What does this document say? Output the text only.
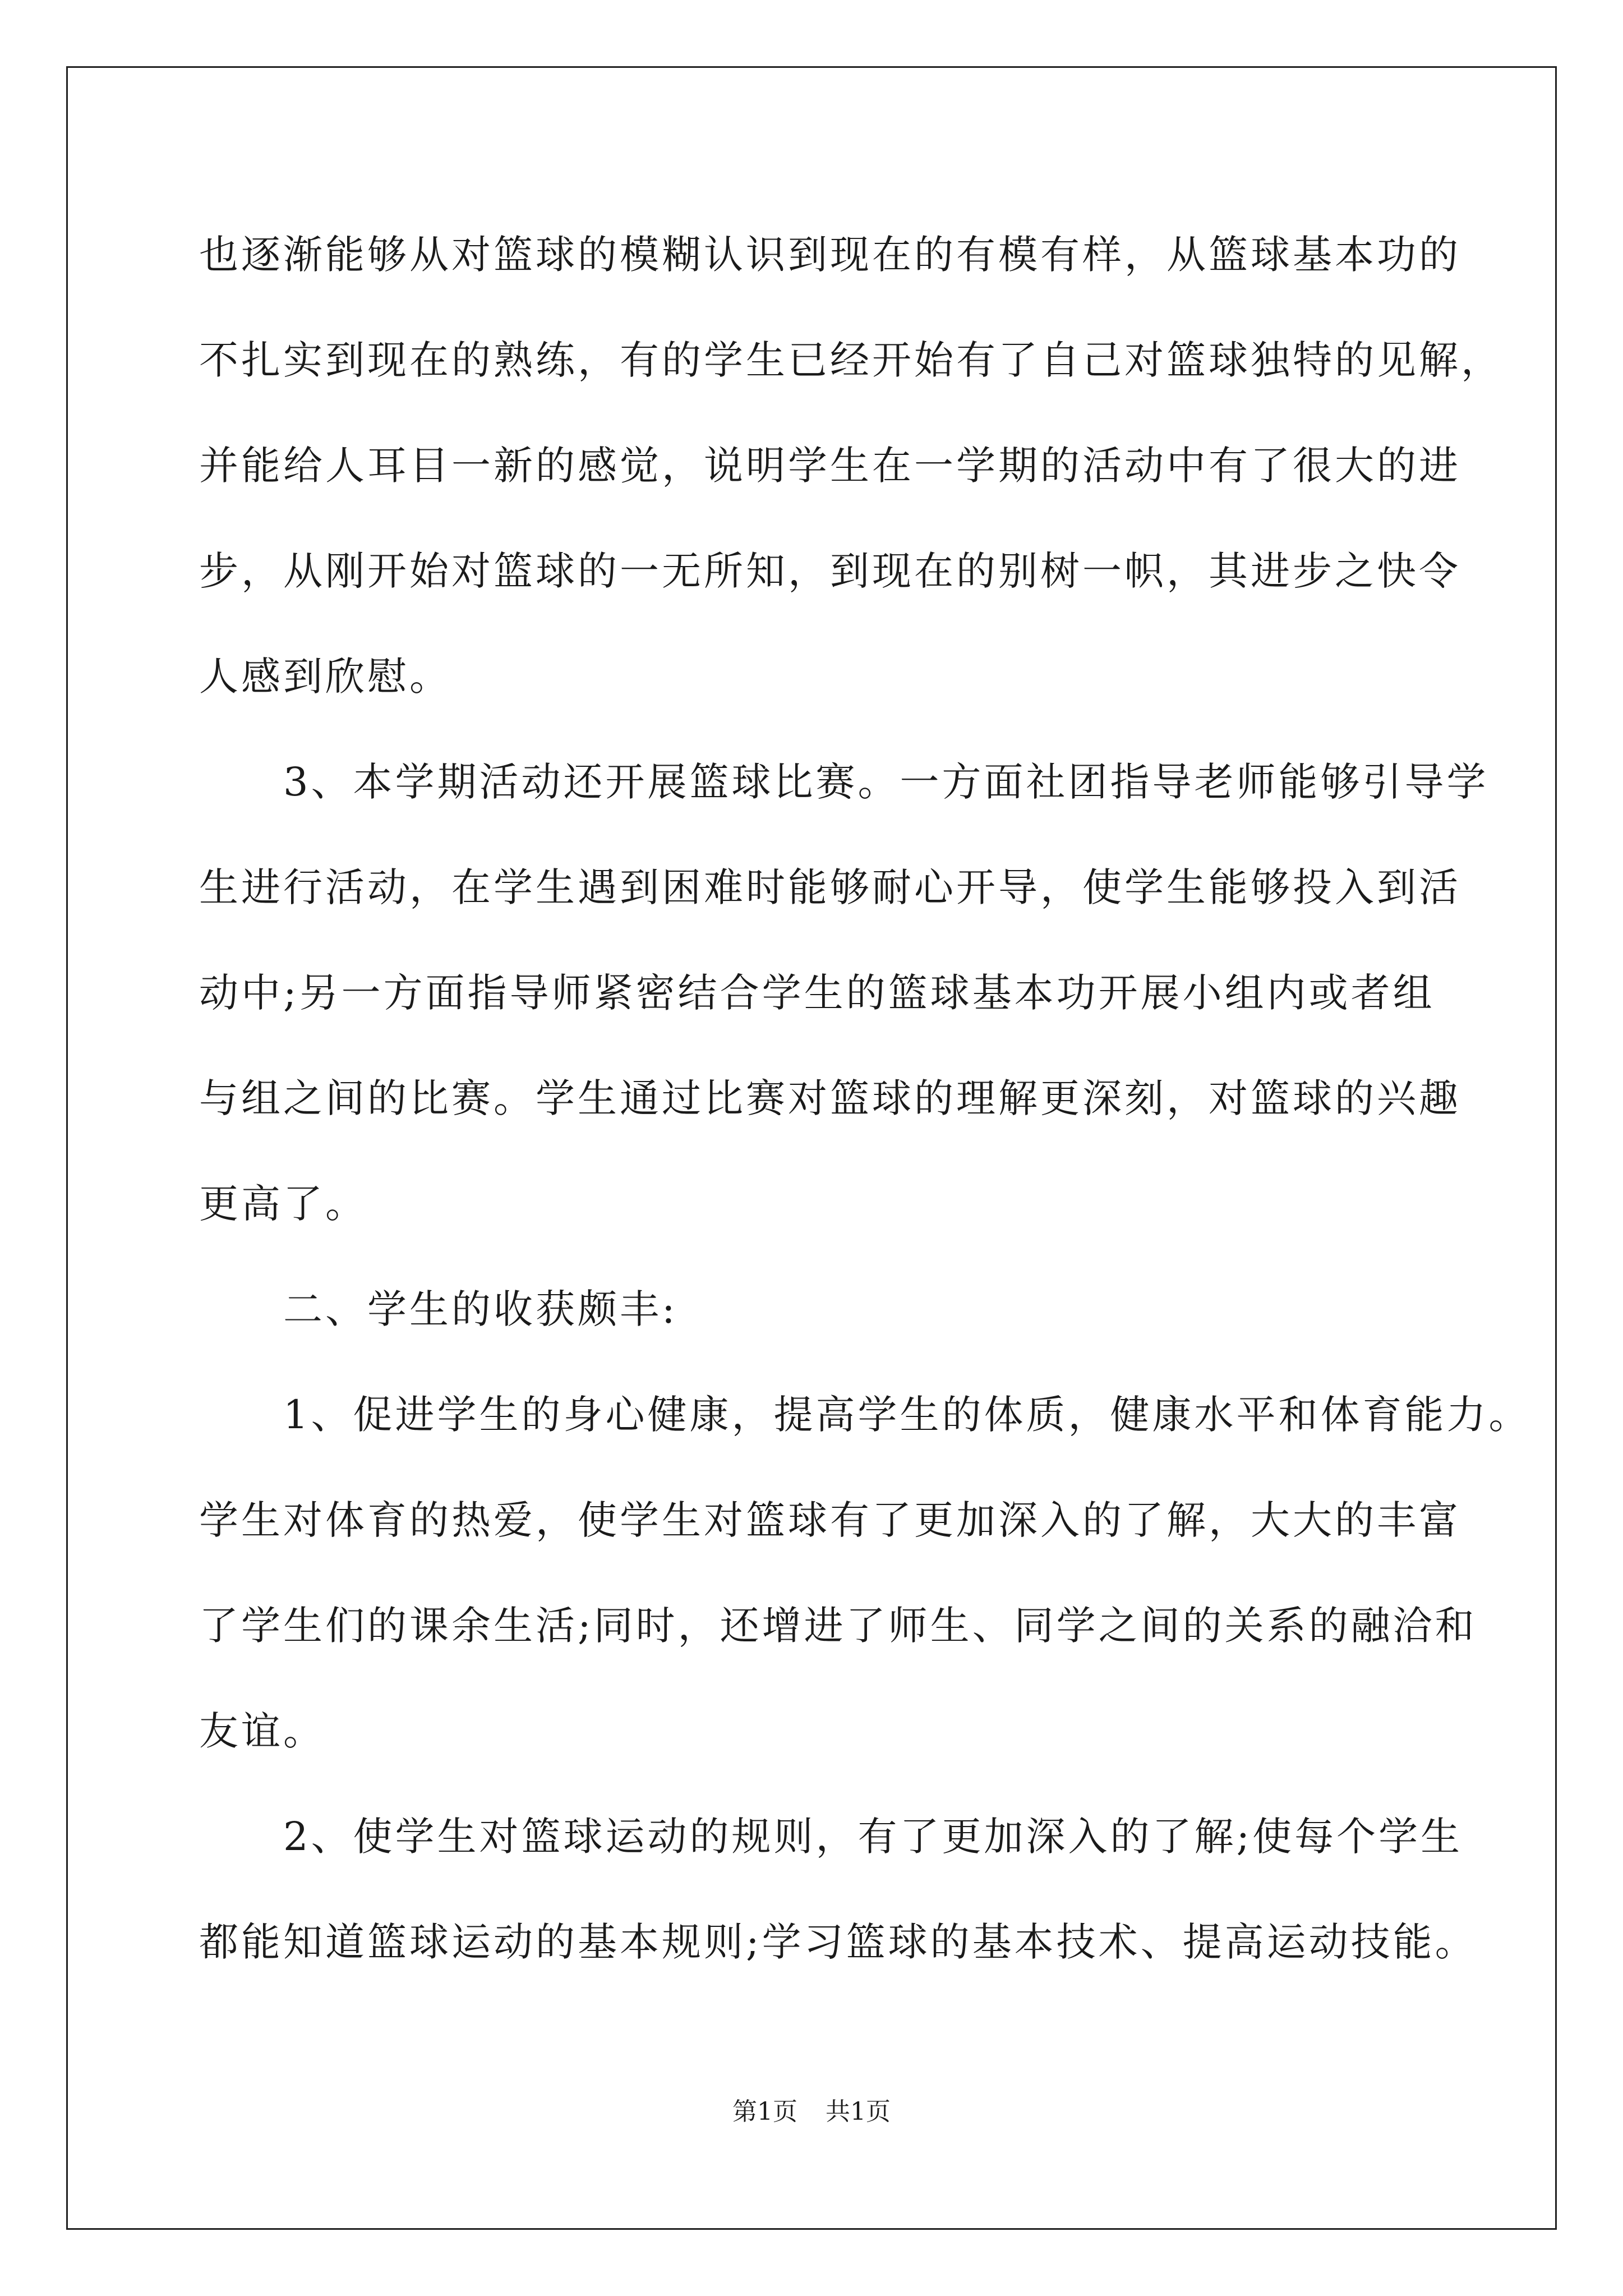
也逐渐能够从对篮球的模糊认识到现在的有模有样，从篮球基本功的
不扎实到现在的熟练，有的学生已经开始有了自己对篮球独特的见解，
并能给人耳目一新的感觉，说明学生在一学期的活动中有了很大的进
步，从刚开始对篮球的一无所知，到现在的别树一帜，其进步之快令
人感到欣慰。
　　3、本学期活动还开展篮球比赛。一方面社团指导老师能够引导学
生进行活动，在学生遇到困难时能够耐心开导，使学生能够投入到活
动中;另一方面指导师紧密结合学生的篮球基本功开展小组内或者组
与组之间的比赛。学生通过比赛对篮球的理解更深刻，对篮球的兴趣
更高了。
　　二、学生的收获颇丰:
　　1、促进学生的身心健康，提高学生的体质，健康水平和体育能力。
学生对体育的热爱，使学生对篮球有了更加深入的了解，大大的丰富
了学生们的课余生活;同时，还增进了师生、同学之间的关系的融洽和
友谊。
　　2、使学生对篮球运动的规则，有了更加深入的了解;使每个学生
都能知道篮球运动的基本规则;学习篮球的基本技术、提高运动技能。
第1页 共1页
